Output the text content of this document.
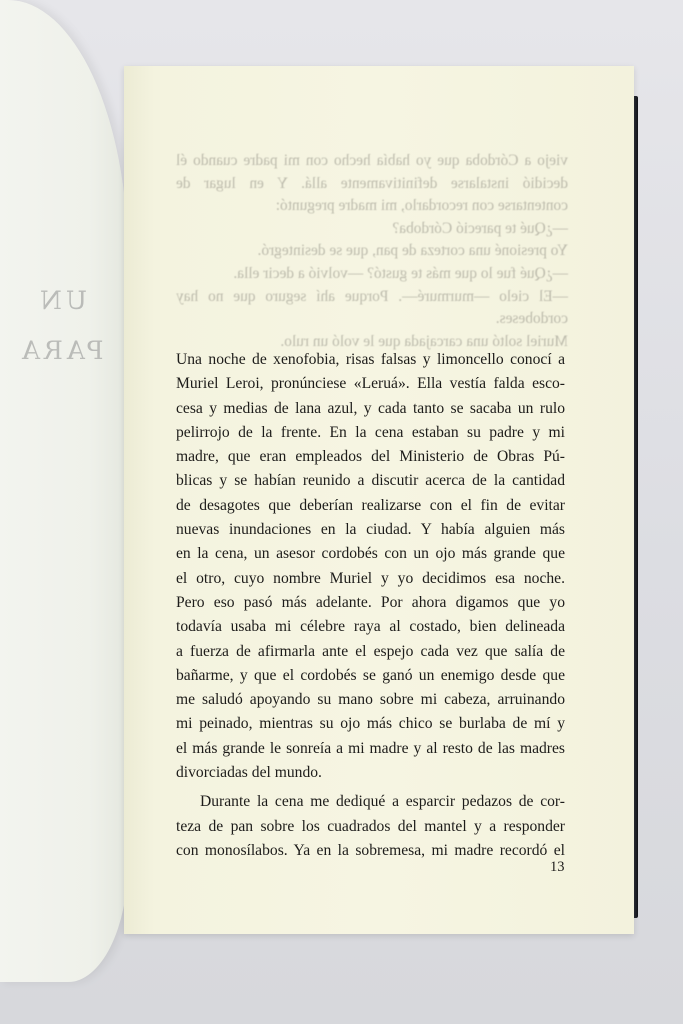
UN
PARA
viejo a Córdoba que yo había hecho con mi padre cuando él decidió instalarse definitivamente allá. Y en lugar de contentarse con recordarlo, mi madre preguntó:
—¿Qué te pareció Córdoba?
Yo presioné una corteza de pan, que se desintegró.
—¿Qué fue lo que más te gustó? —volvió a decir ella.
—El cielo —murmuré—. Porque ahí seguro que no hay cordobeses.
Muriel soltó una carcajada que le voló un rulo.

Una noche de xenofobia, risas falsas y limoncello conocí a
Muriel Leroi, pronúnciese «Leruá». Ella vestía falda esco-
cesa y medias de lana azul, y cada tanto se sacaba un rulo
pelirrojo de la frente. En la cena estaban su padre y mi
madre, que eran empleados del Ministerio de Obras Pú-
blicas y se habían reunido a discutir acerca de la cantidad
de desagotes que deberían realizarse con el fin de evitar
nuevas inundaciones en la ciudad. Y había alguien más
en la cena, un asesor cordobés con un ojo más grande que
el otro, cuyo nombre Muriel y yo decidimos esa noche.
Pero eso pasó más adelante. Por ahora digamos que yo
todavía usaba mi célebre raya al costado, bien delineada
a fuerza de afirmarla ante el espejo cada vez que salía de
bañarme, y que el cordobés se ganó un enemigo desde que
me saludó apoyando su mano sobre mi cabeza, arruinando
mi peinado, mientras su ojo más chico se burlaba de mí y
el más grande le sonreía a mi madre y al resto de las madres
divorciadas del mundo.

Durante la cena me dediqué a esparcir pedazos de cor-
teza de pan sobre los cuadrados del mantel y a responder
con monosílabos. Ya en la sobremesa, mi madre recordó el

13
